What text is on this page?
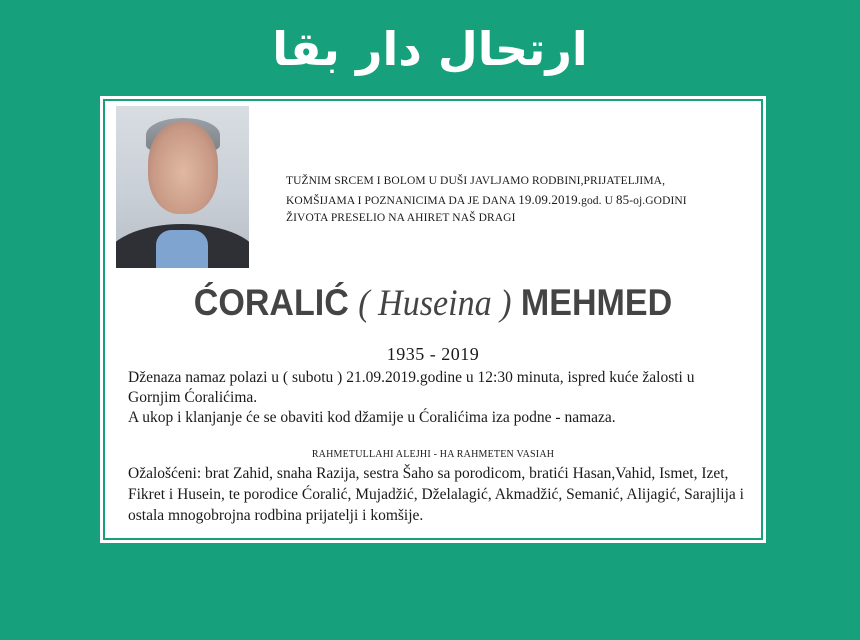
ارتحال دار بقا
TUŽNIM SRCEM I BOLOM U DUŠI JAVLJAMO RODBINI,PRIJATELJIMA,
KOMŠIJAMA I POZNANICIMA DA JE DANA 19.09.2019.god. U 85-oj.GODINI
ŽIVOTA PRESELIO NA AHIRET NAŠ DRAGI
ĆORALIĆ ( Huseina ) MEHMED
1935 - 2019

Dženaza namaz polazi u ( subotu ) 21.09.2019.godine u 12:30 minuta, ispred kuće žalosti u Gornjim Ćoralićima.

A ukop i klanjanje će se obaviti kod džamije u Ćoralićima iza podne - namaza.

RAHMETULLAHI ALEJHI - HA RAHMETEN VASIAH
Ožalošćeni: brat Zahid, snaha Razija, sestra Šaho sa porodicom, bratići Hasan,Vahid, Ismet, Izet, Fikret i Husein, te porodice Ćoralić, Mujadžić, Dželalagić, Akmadžić, Semanić, Alijagić, Sarajlija i ostala mnogobrojna rodbina prijatelji i komšije.
